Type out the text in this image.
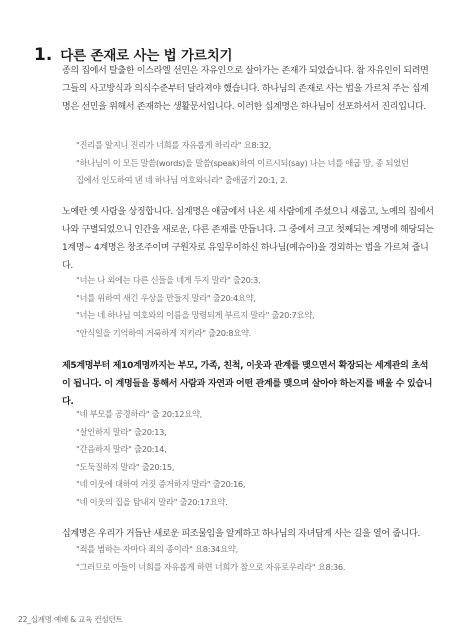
1. 다른 존재로 사는 법 가르치기

종의 집에서 탈출한 이스라엘 선민은 자유인으로 살아가는 존재가 되었습니다. 참 자유인이 되려면 그들의 사고방식과 의식수준부터 달라져야 했습니다. 하나님의 존재로 사는 법을 가르쳐 주는 십계명은 선민을 위해서 존재하는 생활문서입니다. 이러한 십계명은 하나님이 선포하셔서 진리입니다.

"진리를 알지니 진리가 너희를 자유롭게 하리라" 요8:32,
"하나님이 이 모든 말씀(words)을 말씀(speak)하여 이르시되(say) 나는 너를 애굽 땅, 종 되었던
집에서 인도하여 낸 네 하나님 여호와니라" 출애굽기 20:1, 2.

노예란 옛 사람을 상징합니다. 십계명은 애굽에서 나온 새 사람에게 주셨으니 새롭고, 노예의 집에서 나와 구별되었으니 인간을 새로운, 다른 존재를 만듭니다. 그 중에서 크고 첫째되는 계명에 해당되는 1계명~ 4계명은 창조주이며 구원자로 유일무이하신 하나님(예슈아)을 경외하는 법을 가르쳐 줍니다.

"너는 나 외에는 다른 신들을 네게 두지 말라" 출20:3,
"너를 위하여 새긴 우상을 만들지 말라" 출20:4요약,
"너는 네 하나님 여호와의 이름을 망령되게 부르지 말라" 출20:7요약,
"안식일을 기억하여 거룩하게 지키라" 출20:8요약.

제5계명부터 제10계명까지는 부모, 가족, 친척, 이웃과 관계를 맺으면서 확장되는 세계관의 초석이 됩니다. 이 계명들을 통해서 사람과 자연과 어떤 관계를 맺으며 살아야 하는지를 배울 수 있습니다.

"네 부모를 공경하라" 출 20:12요약,
"살인하지 말라" 출20:13,
"간음하지 말라" 출20:14,
"도둑질하지 말라" 출20:15,
"네 이웃에 대하여 거짓 증거하지 말라" 출20:16,
"네 이웃의 집을 탐내지 말라" 출20:17요약.

십계명은 우리가 거듭난 새로운 피조물임을 알게하고 하나님의 자녀답게 사는 길을 열어 줍니다.

"죄를 범하는 자마다 죄의 종이라" 요8:34요약,
"그러므로 아들이 너희를 자유롭게 하면 너희가 참으로 자유로우리라" 요8:36.
22_십계명 예배 & 교육 컨설턴트
